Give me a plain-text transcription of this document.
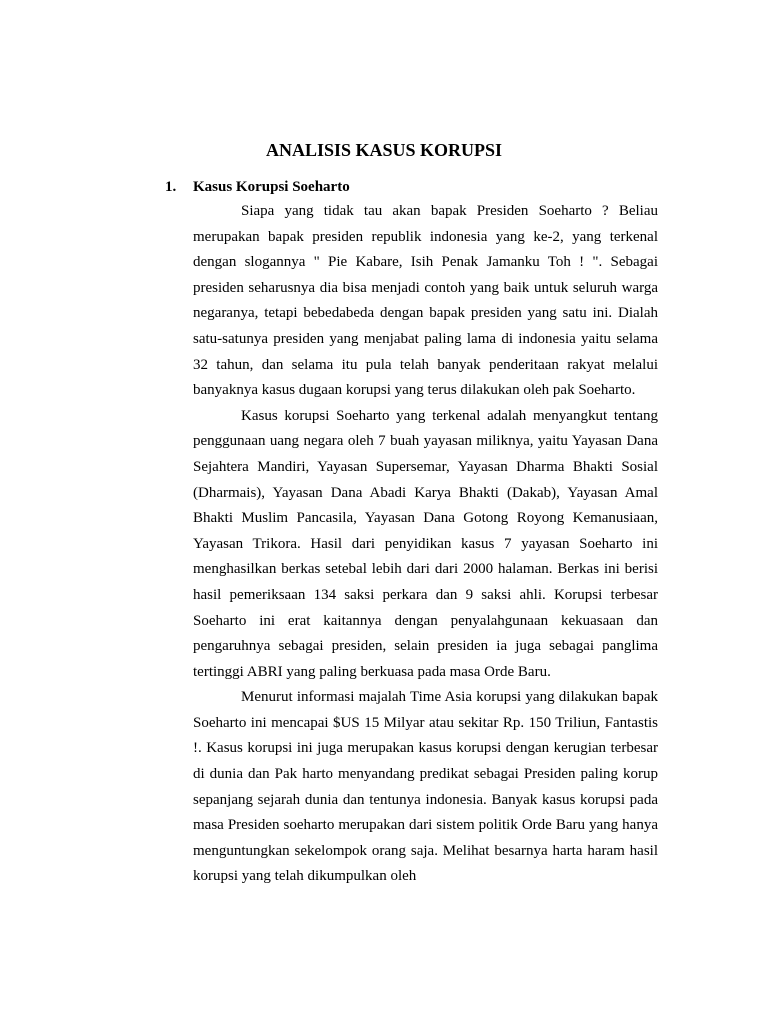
ANALISIS KASUS KORUPSI
1. Kasus Korupsi Soeharto

Siapa yang tidak tau akan bapak Presiden Soeharto ? Beliau merupakan bapak presiden republik indonesia yang ke-2, yang terkenal dengan slogannya " Pie Kabare, Isih Penak Jamanku Toh ! ". Sebagai presiden seharusnya dia bisa menjadi contoh yang baik untuk seluruh warga negaranya, tetapi bebedabeda dengan bapak presiden yang satu ini. Dialah satu-satunya presiden yang menjabat paling lama di indonesia yaitu selama 32 tahun, dan selama itu pula telah banyak penderitaan rakyat melalui banyaknya kasus dugaan korupsi yang terus dilakukan oleh pak Soeharto.

Kasus korupsi Soeharto yang terkenal adalah menyangkut tentang penggunaan uang negara oleh 7 buah yayasan miliknya, yaitu Yayasan Dana Sejahtera Mandiri, Yayasan Supersemar, Yayasan Dharma Bhakti Sosial (Dharmais), Yayasan Dana Abadi Karya Bhakti (Dakab), Yayasan Amal Bhakti Muslim Pancasila, Yayasan Dana Gotong Royong Kemanusiaan, Yayasan Trikora. Hasil dari penyidikan kasus 7 yayasan Soeharto ini menghasilkan berkas setebal lebih dari dari 2000 halaman. Berkas ini berisi hasil pemeriksaan 134 saksi perkara dan 9 saksi ahli. Korupsi terbesar Soeharto ini erat kaitannya dengan penyalahgunaan kekuasaan dan pengaruhnya sebagai presiden, selain presiden ia juga sebagai panglima tertinggi ABRI yang paling berkuasa pada masa Orde Baru.

Menurut informasi majalah Time Asia korupsi yang dilakukan bapak Soeharto ini mencapai $US 15 Milyar atau sekitar Rp. 150 Triliun, Fantastis !. Kasus korupsi ini juga merupakan kasus korupsi dengan kerugian terbesar di dunia dan Pak harto menyandang predikat sebagai Presiden paling korup sepanjang sejarah dunia dan tentunya indonesia. Banyak kasus korupsi pada masa Presiden soeharto merupakan dari sistem politik Orde Baru yang hanya menguntungkan sekelompok orang saja. Melihat besarnya harta haram hasil korupsi yang telah dikumpulkan oleh
